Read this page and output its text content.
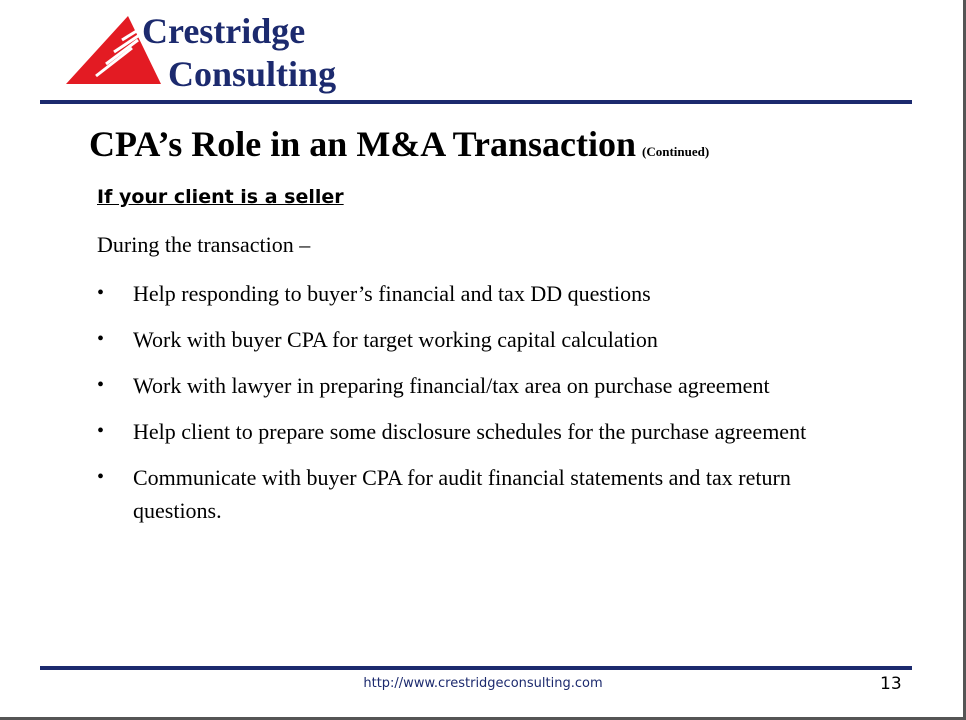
Crestridge
Consulting
CPA’s Role in an M&A Transaction (Continued)
If your client is a seller
During the transaction –
• Help responding to buyer’s financial and tax DD questions
• Work with buyer CPA for target working capital calculation
• Work with lawyer in preparing financial/tax area on purchase agreement
• Help client to prepare some disclosure schedules for the purchase agreement
• Communicate with buyer CPA for audit financial statements and tax return questions.
http://www.crestridgeconsulting.com	13
